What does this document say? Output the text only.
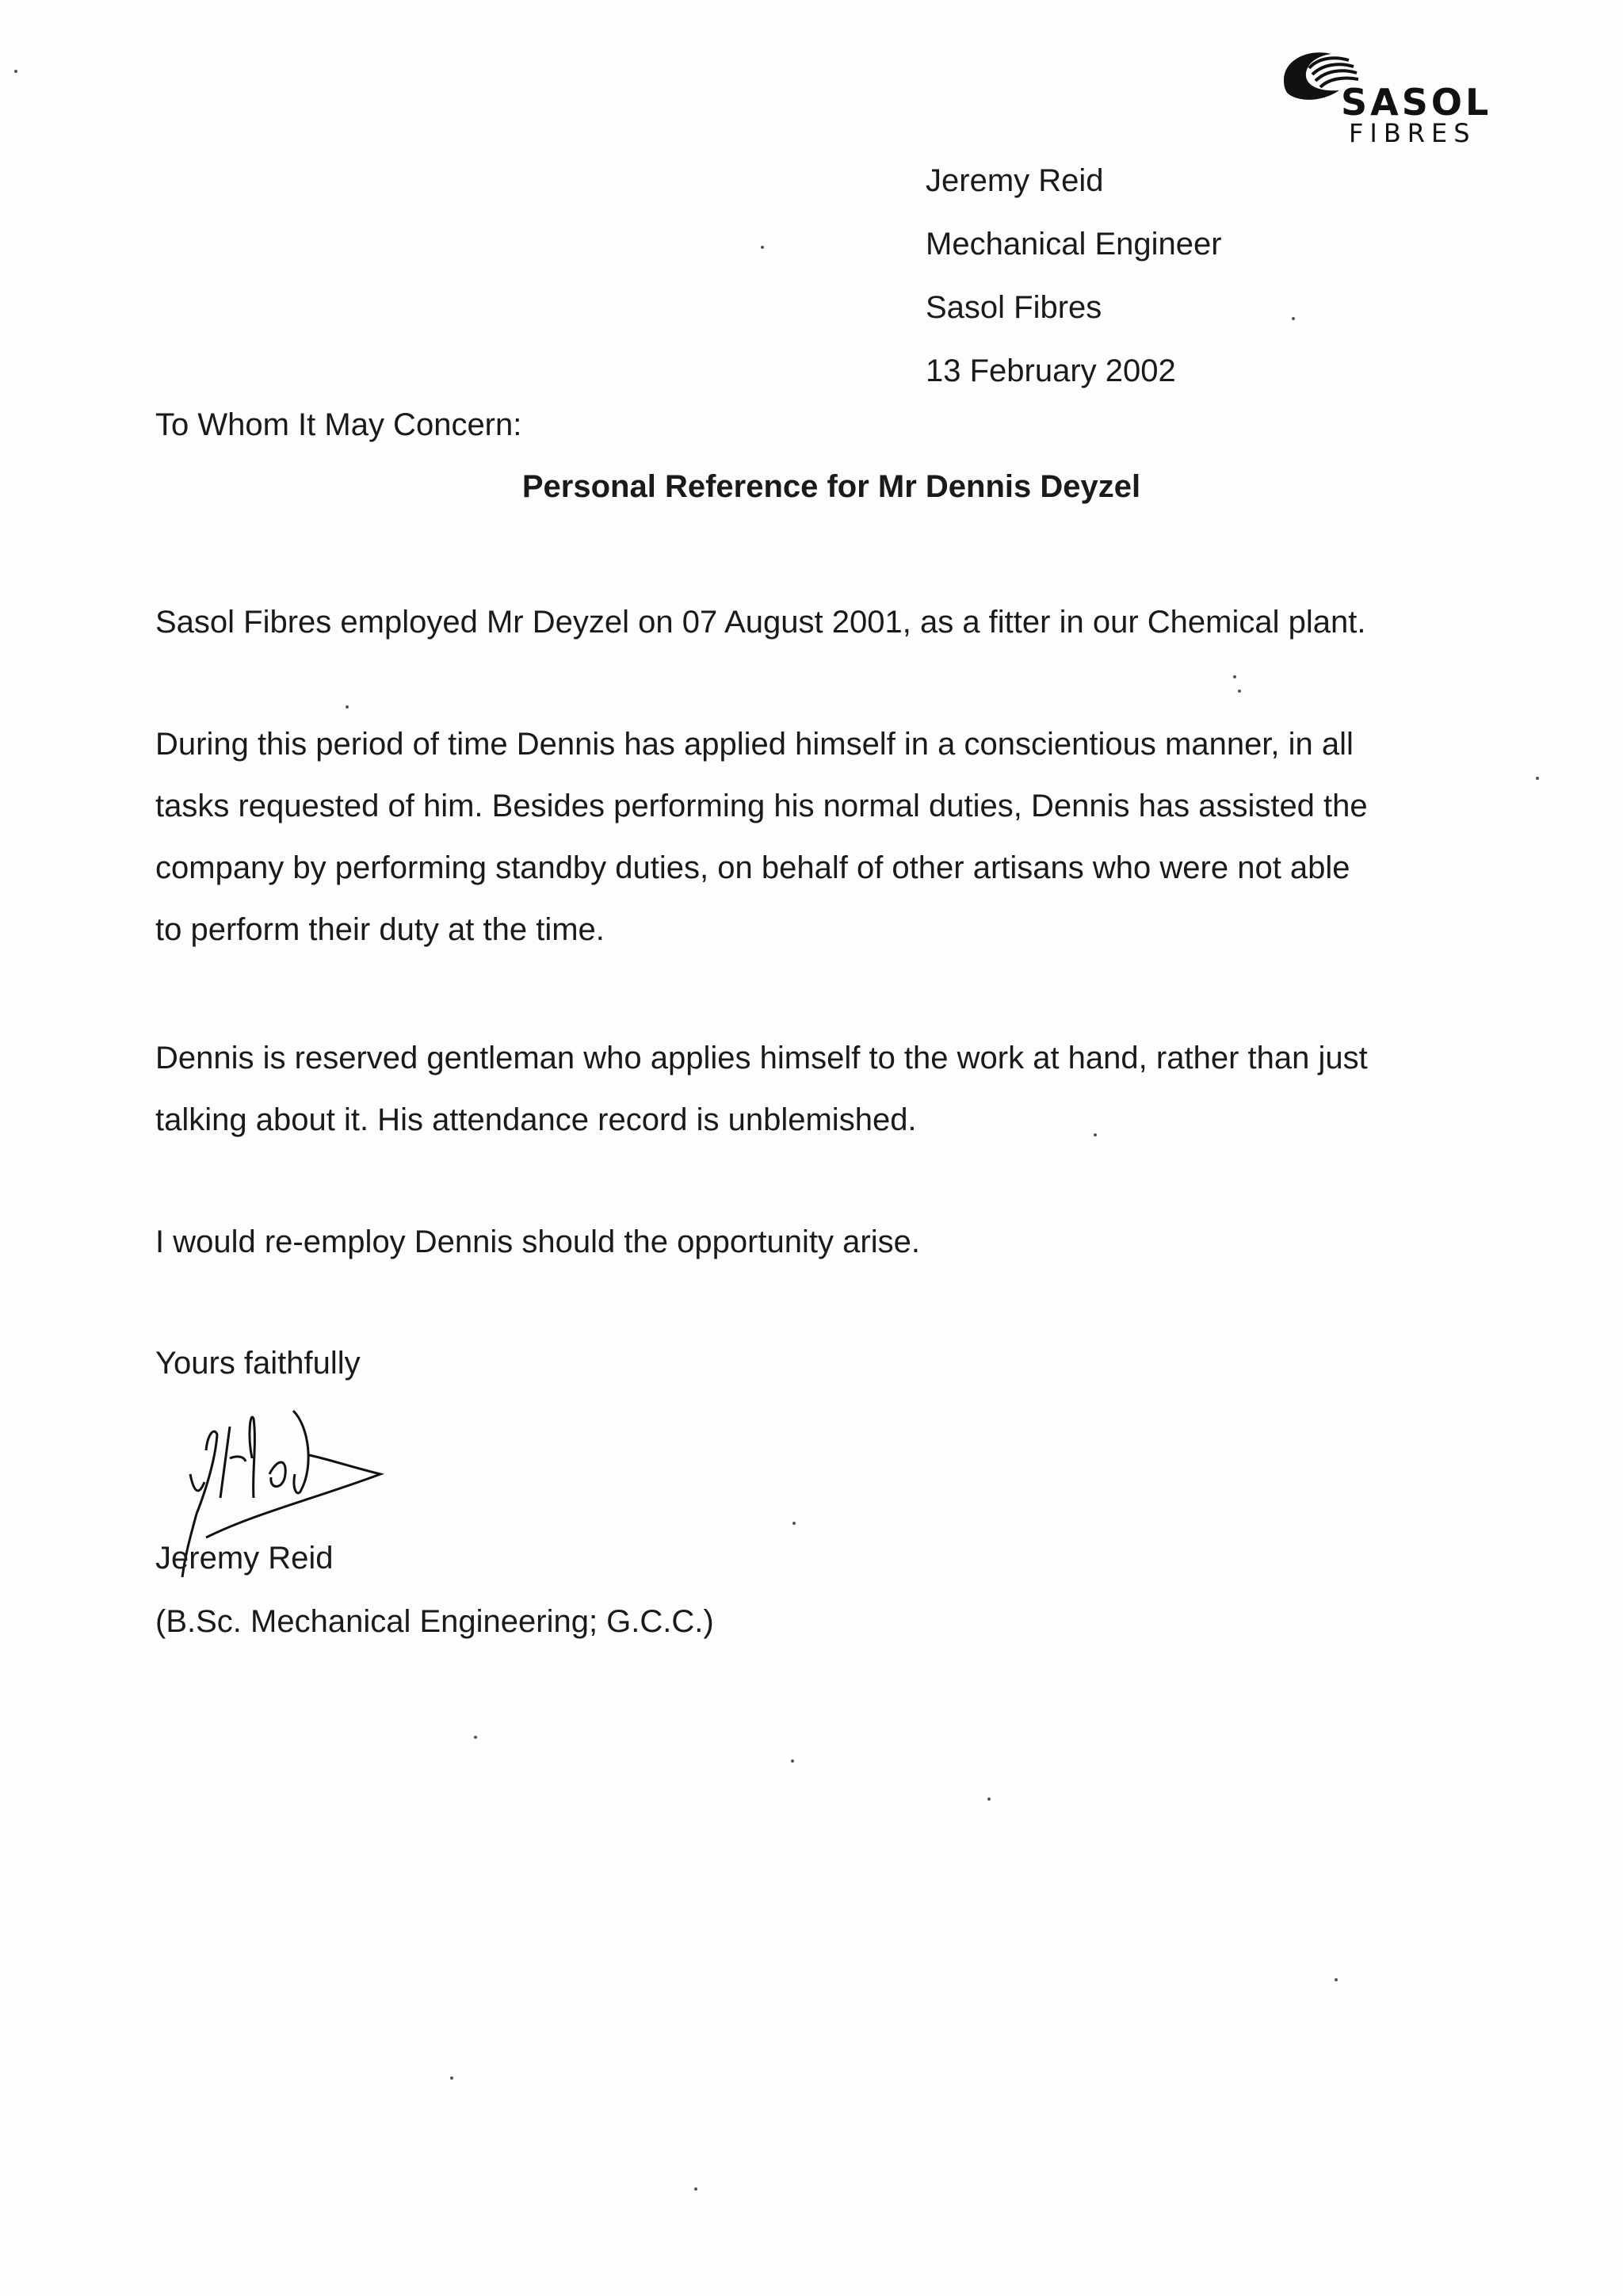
SASOL
FIBRES
Jeremy Reid
Mechanical Engineer
Sasol Fibres
13 February 2002
To Whom It May Concern:
Personal Reference for Mr Dennis Deyzel
Sasol Fibres employed Mr Deyzel on 07 August 2001, as a fitter in our Chemical plant.
During this period of time Dennis has applied himself in a conscientious manner, in all
tasks requested of him. Besides performing his normal duties, Dennis has assisted the
company by performing standby duties, on behalf of other artisans who were not able
to perform their duty at the time.
Dennis is reserved gentleman who applies himself to the work at hand, rather than just
talking about it. His attendance record is unblemished.
I would re-employ Dennis should the opportunity arise.
Yours faithfully
Jeremy Reid
(B.Sc. Mechanical Engineering; G.C.C.)
